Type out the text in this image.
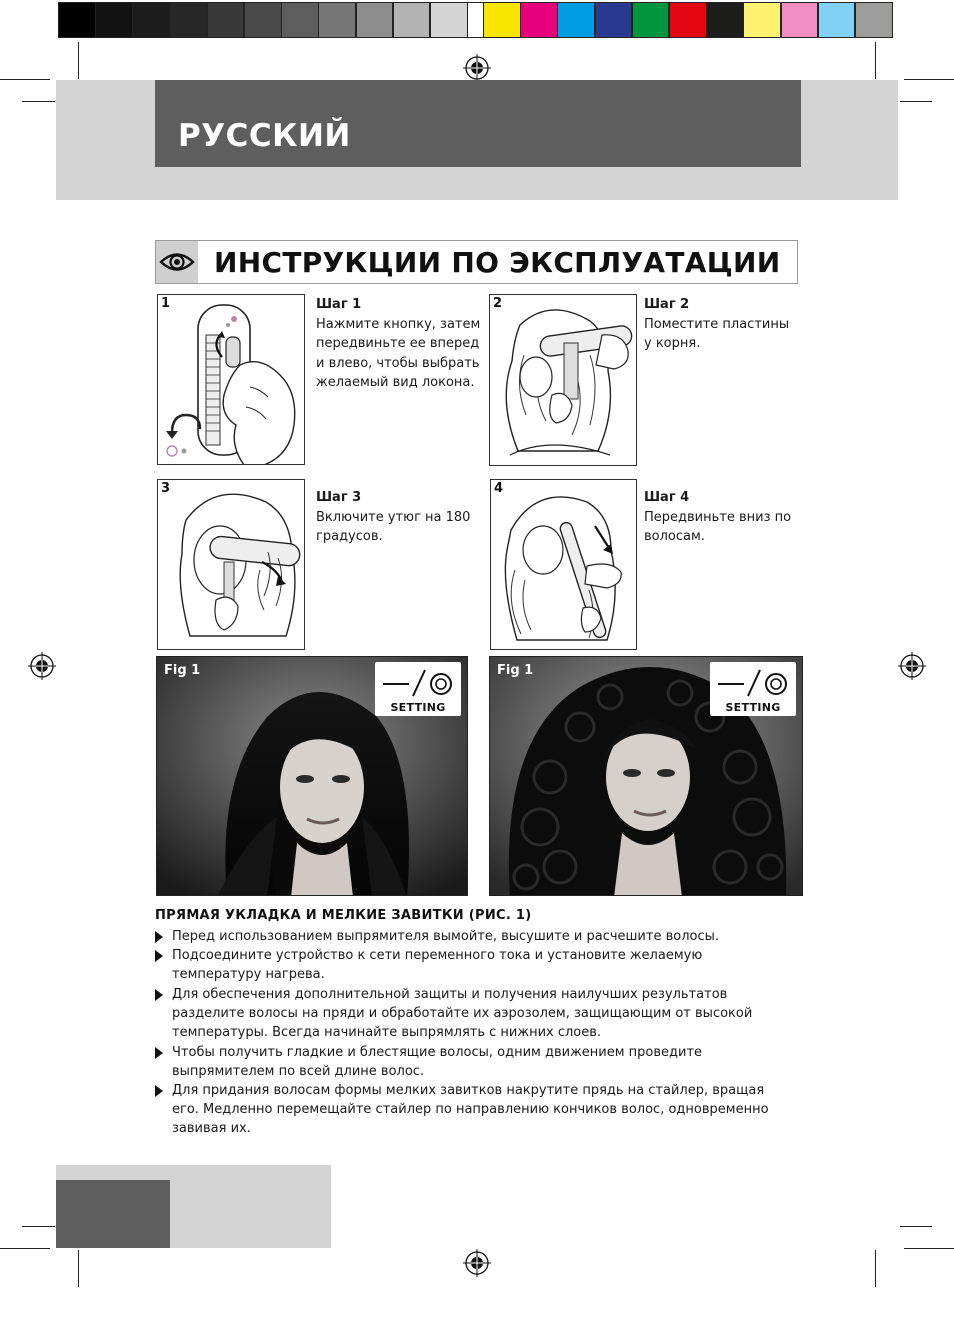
РУССКИЙ
ИНСТРУКЦИИ ПО ЭКСПЛУАТАЦИИ
1	Шаг 1
Нажмите кнопку, затем
передвиньте ее вперед
и влево, чтобы выбрать
желаемый вид локона.
2	Шаг 2
Поместите пластины
у корня.
3
Шаг 3
Включите утюг на 180
градусов.
4
Шаг 4
Передвиньте вниз по
волосам.
Fig 1
SETTING
Fig 1
SETTING
ПРЯМАЯ УКЛАДКА И МЕЛКИЕ ЗАВИТКИ (РИС. 1)
Перед использованием выпрямителя вымойте, высушите и расчешите волосы.
Подсоедините устройство к сети переменного тока и установите желаемую
температуру нагрева.
Для обеспечения дополнительной защиты и получения наилучших результатов
разделите волосы на пряди и обработайте их аэрозолем, защищающим от высокой
температуры. Всегда начинайте выпрямлять с нижних слоев.
Чтобы получить гладкие и блестящие волосы, одним движением проведите
выпрямителем по всей длине волос.
Для придания волосам формы мелких завитков накрутите прядь на стайлер, вращая
его. Медленно перемещайте стайлер по направлению кончиков волос, одновременно
завивая их.
